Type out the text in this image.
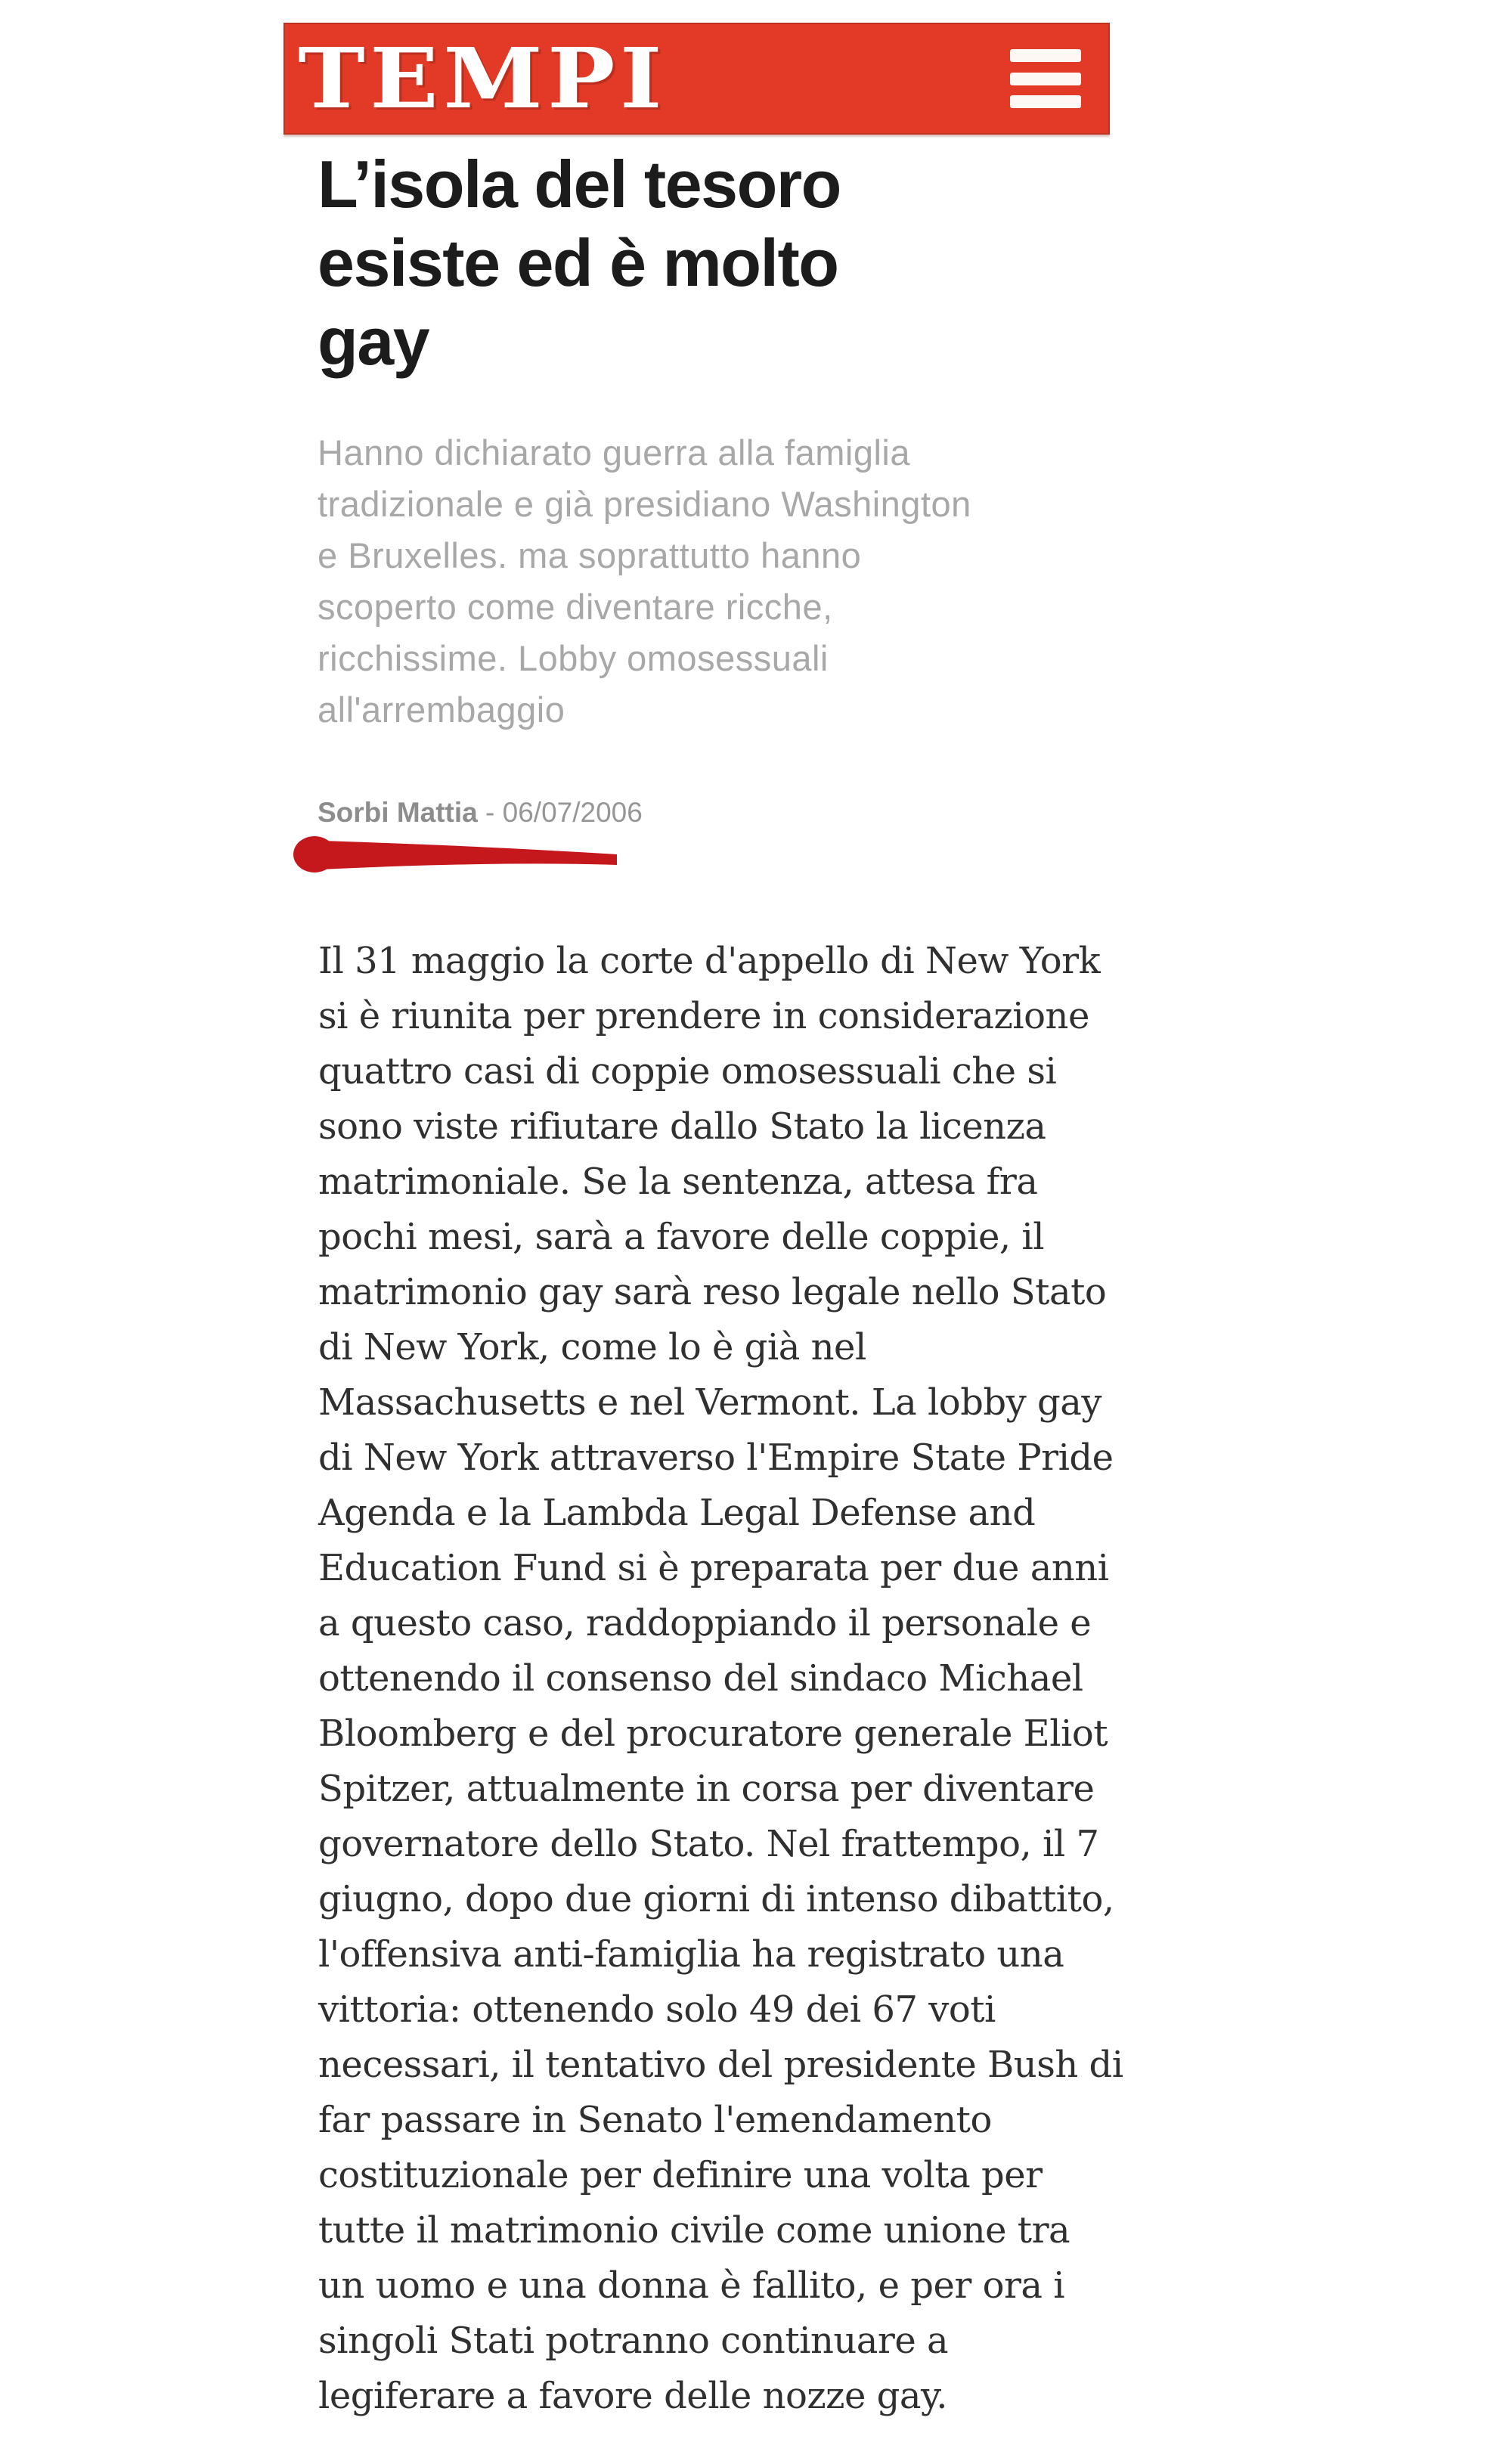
TEMPI
L’isola del tesoro
esiste ed è molto
gay
Hanno dichiarato guerra alla famiglia
tradizionale e già presidiano Washington
e Bruxelles. ma soprattutto hanno
scoperto come diventare ricche,
ricchissime. Lobby omosessuali
all'arrembaggio
Sorbi Mattia - 06/07/2006
Il 31 maggio la corte d'appello di New York
si è riunita per prendere in considerazione
quattro casi di coppie omosessuali che si
sono viste rifiutare dallo Stato la licenza
matrimoniale. Se la sentenza, attesa fra
pochi mesi, sarà a favore delle coppie, il
matrimonio gay sarà reso legale nello Stato
di New York, come lo è già nel
Massachusetts e nel Vermont. La lobby gay
di New York attraverso l'Empire State Pride
Agenda e la Lambda Legal Defense and
Education Fund si è preparata per due anni
a questo caso, raddoppiando il personale e
ottenendo il consenso del sindaco Michael
Bloomberg e del procuratore generale Eliot
Spitzer, attualmente in corsa per diventare
governatore dello Stato. Nel frattempo, il 7
giugno, dopo due giorni di intenso dibattito,
l'offensiva anti-famiglia ha registrato una
vittoria: ottenendo solo 49 dei 67 voti
necessari, il tentativo del presidente Bush di
far passare in Senato l'emendamento
costituzionale per definire una volta per
tutte il matrimonio civile come unione tra
un uomo e una donna è fallito, e per ora i
singoli Stati potranno continuare a
legiferare a favore delle nozze gay.
